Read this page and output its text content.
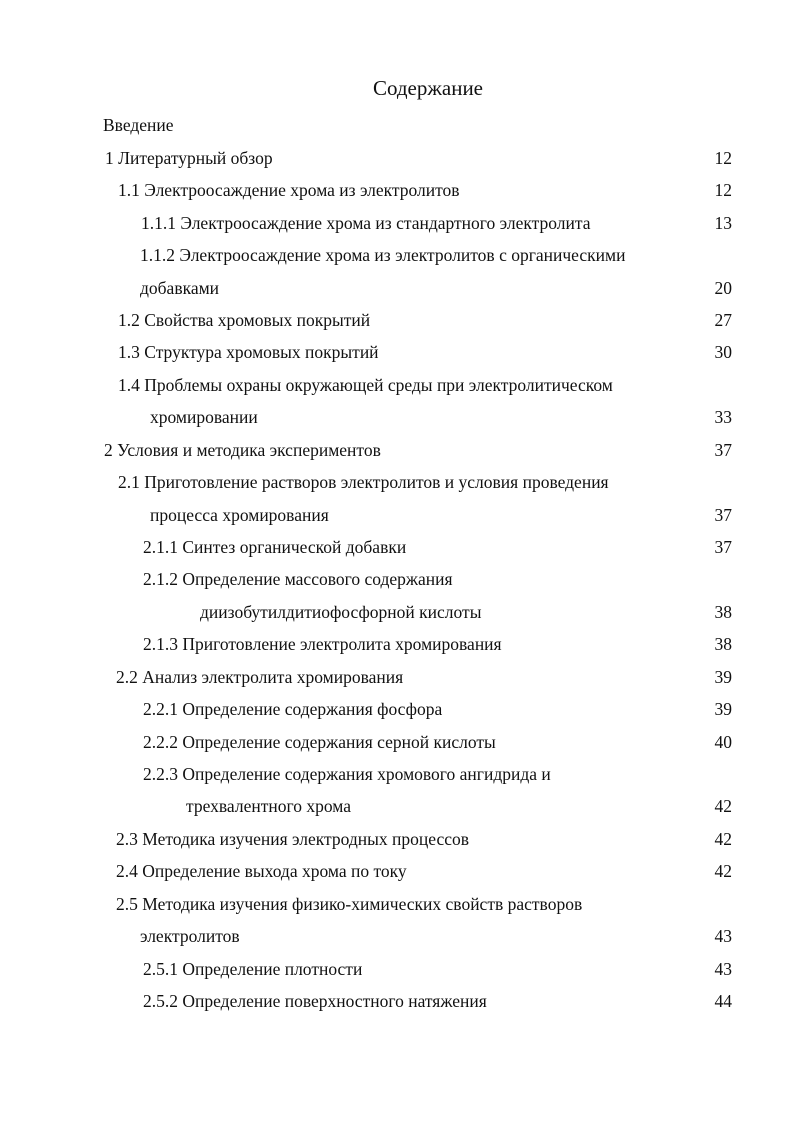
Содержание
Введение
1 Литературный обзор	12
1.1 Электроосаждение хрома из электролитов	12
1.1.1 Электроосаждение хрома из стандартного электролита	13
1.1.2 Электроосаждение хрома из электролитов с органическими
добавками	20
1.2 Свойства хромовых покрытий	27
1.3 Структура хромовых покрытий	30
1.4 Проблемы охраны окружающей среды при электролитическом
хромировании	33
2 Условия и методика экспериментов	37
2.1 Приготовление растворов электролитов и условия проведения
процесса хромирования	37
2.1.1 Синтез органической добавки	37
2.1.2 Определение массового содержания
диизобутилдитиофосфорной кислоты	38
2.1.3 Приготовление электролита хромирования	38
2.2 Анализ электролита хромирования	39
2.2.1 Определение содержания фосфора	39
2.2.2 Определение содержания серной кислоты	40
2.2.3 Определение содержания хромового ангидрида и
трехвалентного хрома	42
2.3 Методика изучения электродных процессов	42
2.4 Определение выхода хрома по току	42
2.5 Методика изучения физико-химических свойств растворов
электролитов	43
2.5.1 Определение плотности	43
2.5.2 Определение поверхностного натяжения	44
